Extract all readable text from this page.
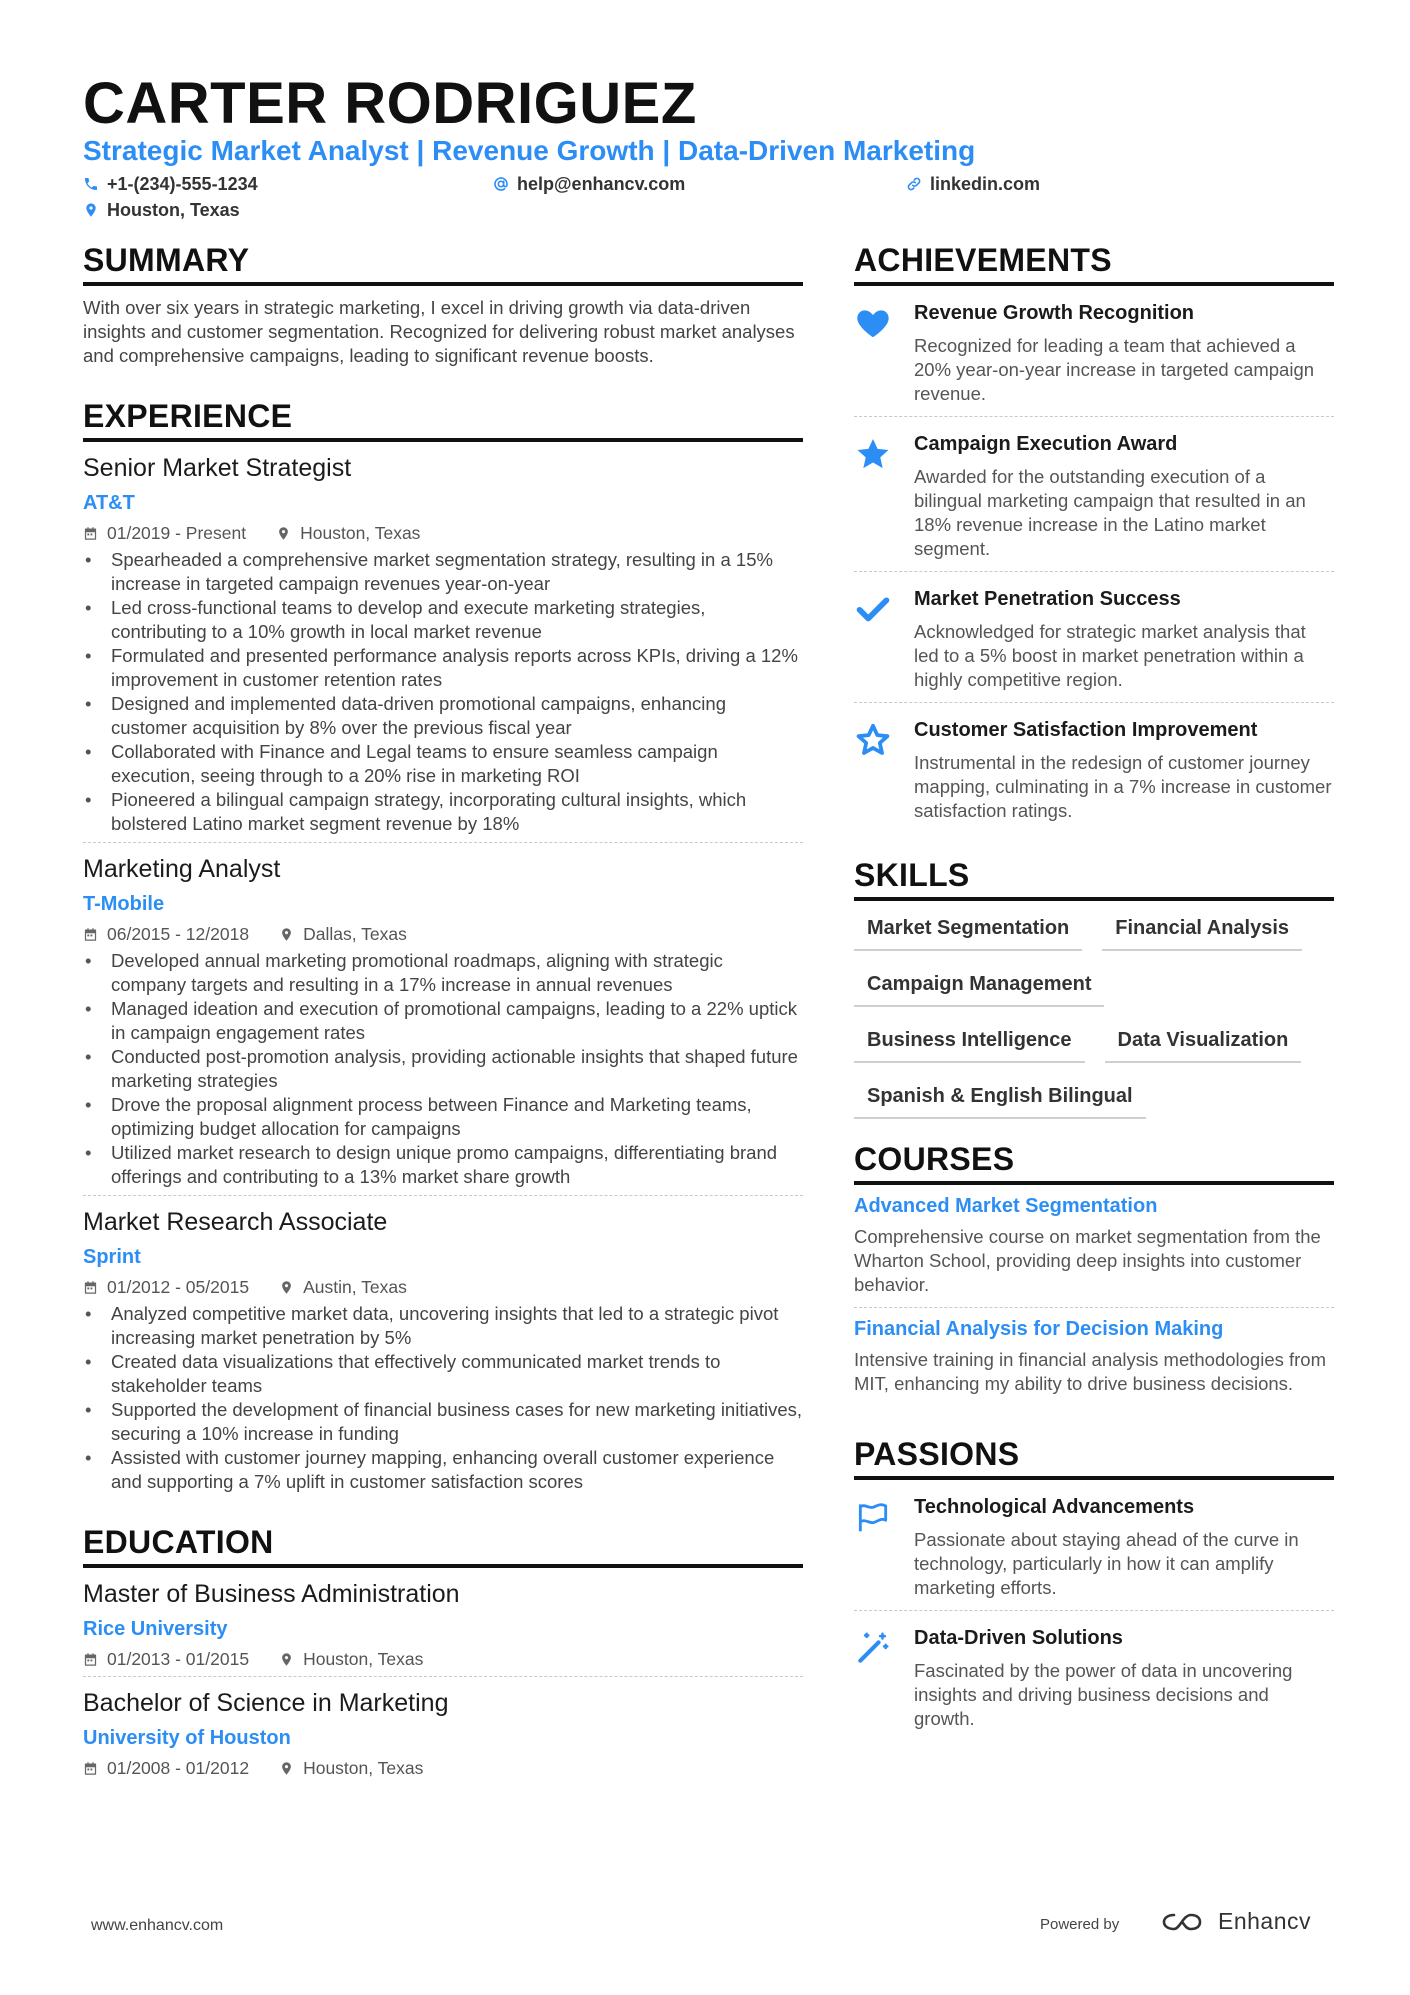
CARTER RODRIGUEZ
Strategic Market Analyst | Revenue Growth | Data-Driven Marketing
+1-(234)-555-1234	help@enhancv.com	linkedin.com
Houston, Texas
SUMMARY
With over six years in strategic marketing, I excel in driving growth via data-driven insights and customer segmentation. Recognized for delivering robust market analyses and comprehensive campaigns, leading to significant revenue boosts.
EXPERIENCE
Senior Market Strategist
AT&T
01/2019 - Present	Houston, Texas
• Spearheaded a comprehensive market segmentation strategy, resulting in a 15% increase in targeted campaign revenues year-on-year
• Led cross-functional teams to develop and execute marketing strategies, contributing to a 10% growth in local market revenue
• Formulated and presented performance analysis reports across KPIs, driving a 12% improvement in customer retention rates
• Designed and implemented data-driven promotional campaigns, enhancing customer acquisition by 8% over the previous fiscal year
• Collaborated with Finance and Legal teams to ensure seamless campaign execution, seeing through to a 20% rise in marketing ROI
• Pioneered a bilingual campaign strategy, incorporating cultural insights, which bolstered Latino market segment revenue by 18%
Marketing Analyst
T-Mobile
06/2015 - 12/2018	Dallas, Texas
• Developed annual marketing promotional roadmaps, aligning with strategic company targets and resulting in a 17% increase in annual revenues
• Managed ideation and execution of promotional campaigns, leading to a 22% uptick in campaign engagement rates
• Conducted post-promotion analysis, providing actionable insights that shaped future marketing strategies
• Drove the proposal alignment process between Finance and Marketing teams, optimizing budget allocation for campaigns
• Utilized market research to design unique promo campaigns, differentiating brand offerings and contributing to a 13% market share growth
Market Research Associate
Sprint
01/2012 - 05/2015	Austin, Texas
• Analyzed competitive market data, uncovering insights that led to a strategic pivot increasing market penetration by 5%
• Created data visualizations that effectively communicated market trends to stakeholder teams
• Supported the development of financial business cases for new marketing initiatives, securing a 10% increase in funding
• Assisted with customer journey mapping, enhancing overall customer experience and supporting a 7% uplift in customer satisfaction scores
EDUCATION
Master of Business Administration
Rice University
01/2013 - 01/2015	Houston, Texas
Bachelor of Science in Marketing
University of Houston
01/2008 - 01/2012	Houston, Texas
ACHIEVEMENTS
Revenue Growth Recognition
Recognized for leading a team that achieved a 20% year-on-year increase in targeted campaign revenue.
Campaign Execution Award
Awarded for the outstanding execution of a bilingual marketing campaign that resulted in an 18% revenue increase in the Latino market segment.
Market Penetration Success
Acknowledged for strategic market analysis that led to a 5% boost in market penetration within a highly competitive region.
Customer Satisfaction Improvement
Instrumental in the redesign of customer journey mapping, culminating in a 7% increase in customer satisfaction ratings.
SKILLS
Market Segmentation	Financial Analysis
Campaign Management
Business Intelligence	Data Visualization
Spanish & English Bilingual
COURSES
Advanced Market Segmentation
Comprehensive course on market segmentation from the Wharton School, providing deep insights into customer behavior.
Financial Analysis for Decision Making
Intensive training in financial analysis methodologies from MIT, enhancing my ability to drive business decisions.
PASSIONS
Technological Advancements
Passionate about staying ahead of the curve in technology, particularly in how it can amplify marketing efforts.
Data-Driven Solutions
Fascinated by the power of data in uncovering insights and driving business decisions and growth.
www.enhancv.com	Powered by	Enhancv
